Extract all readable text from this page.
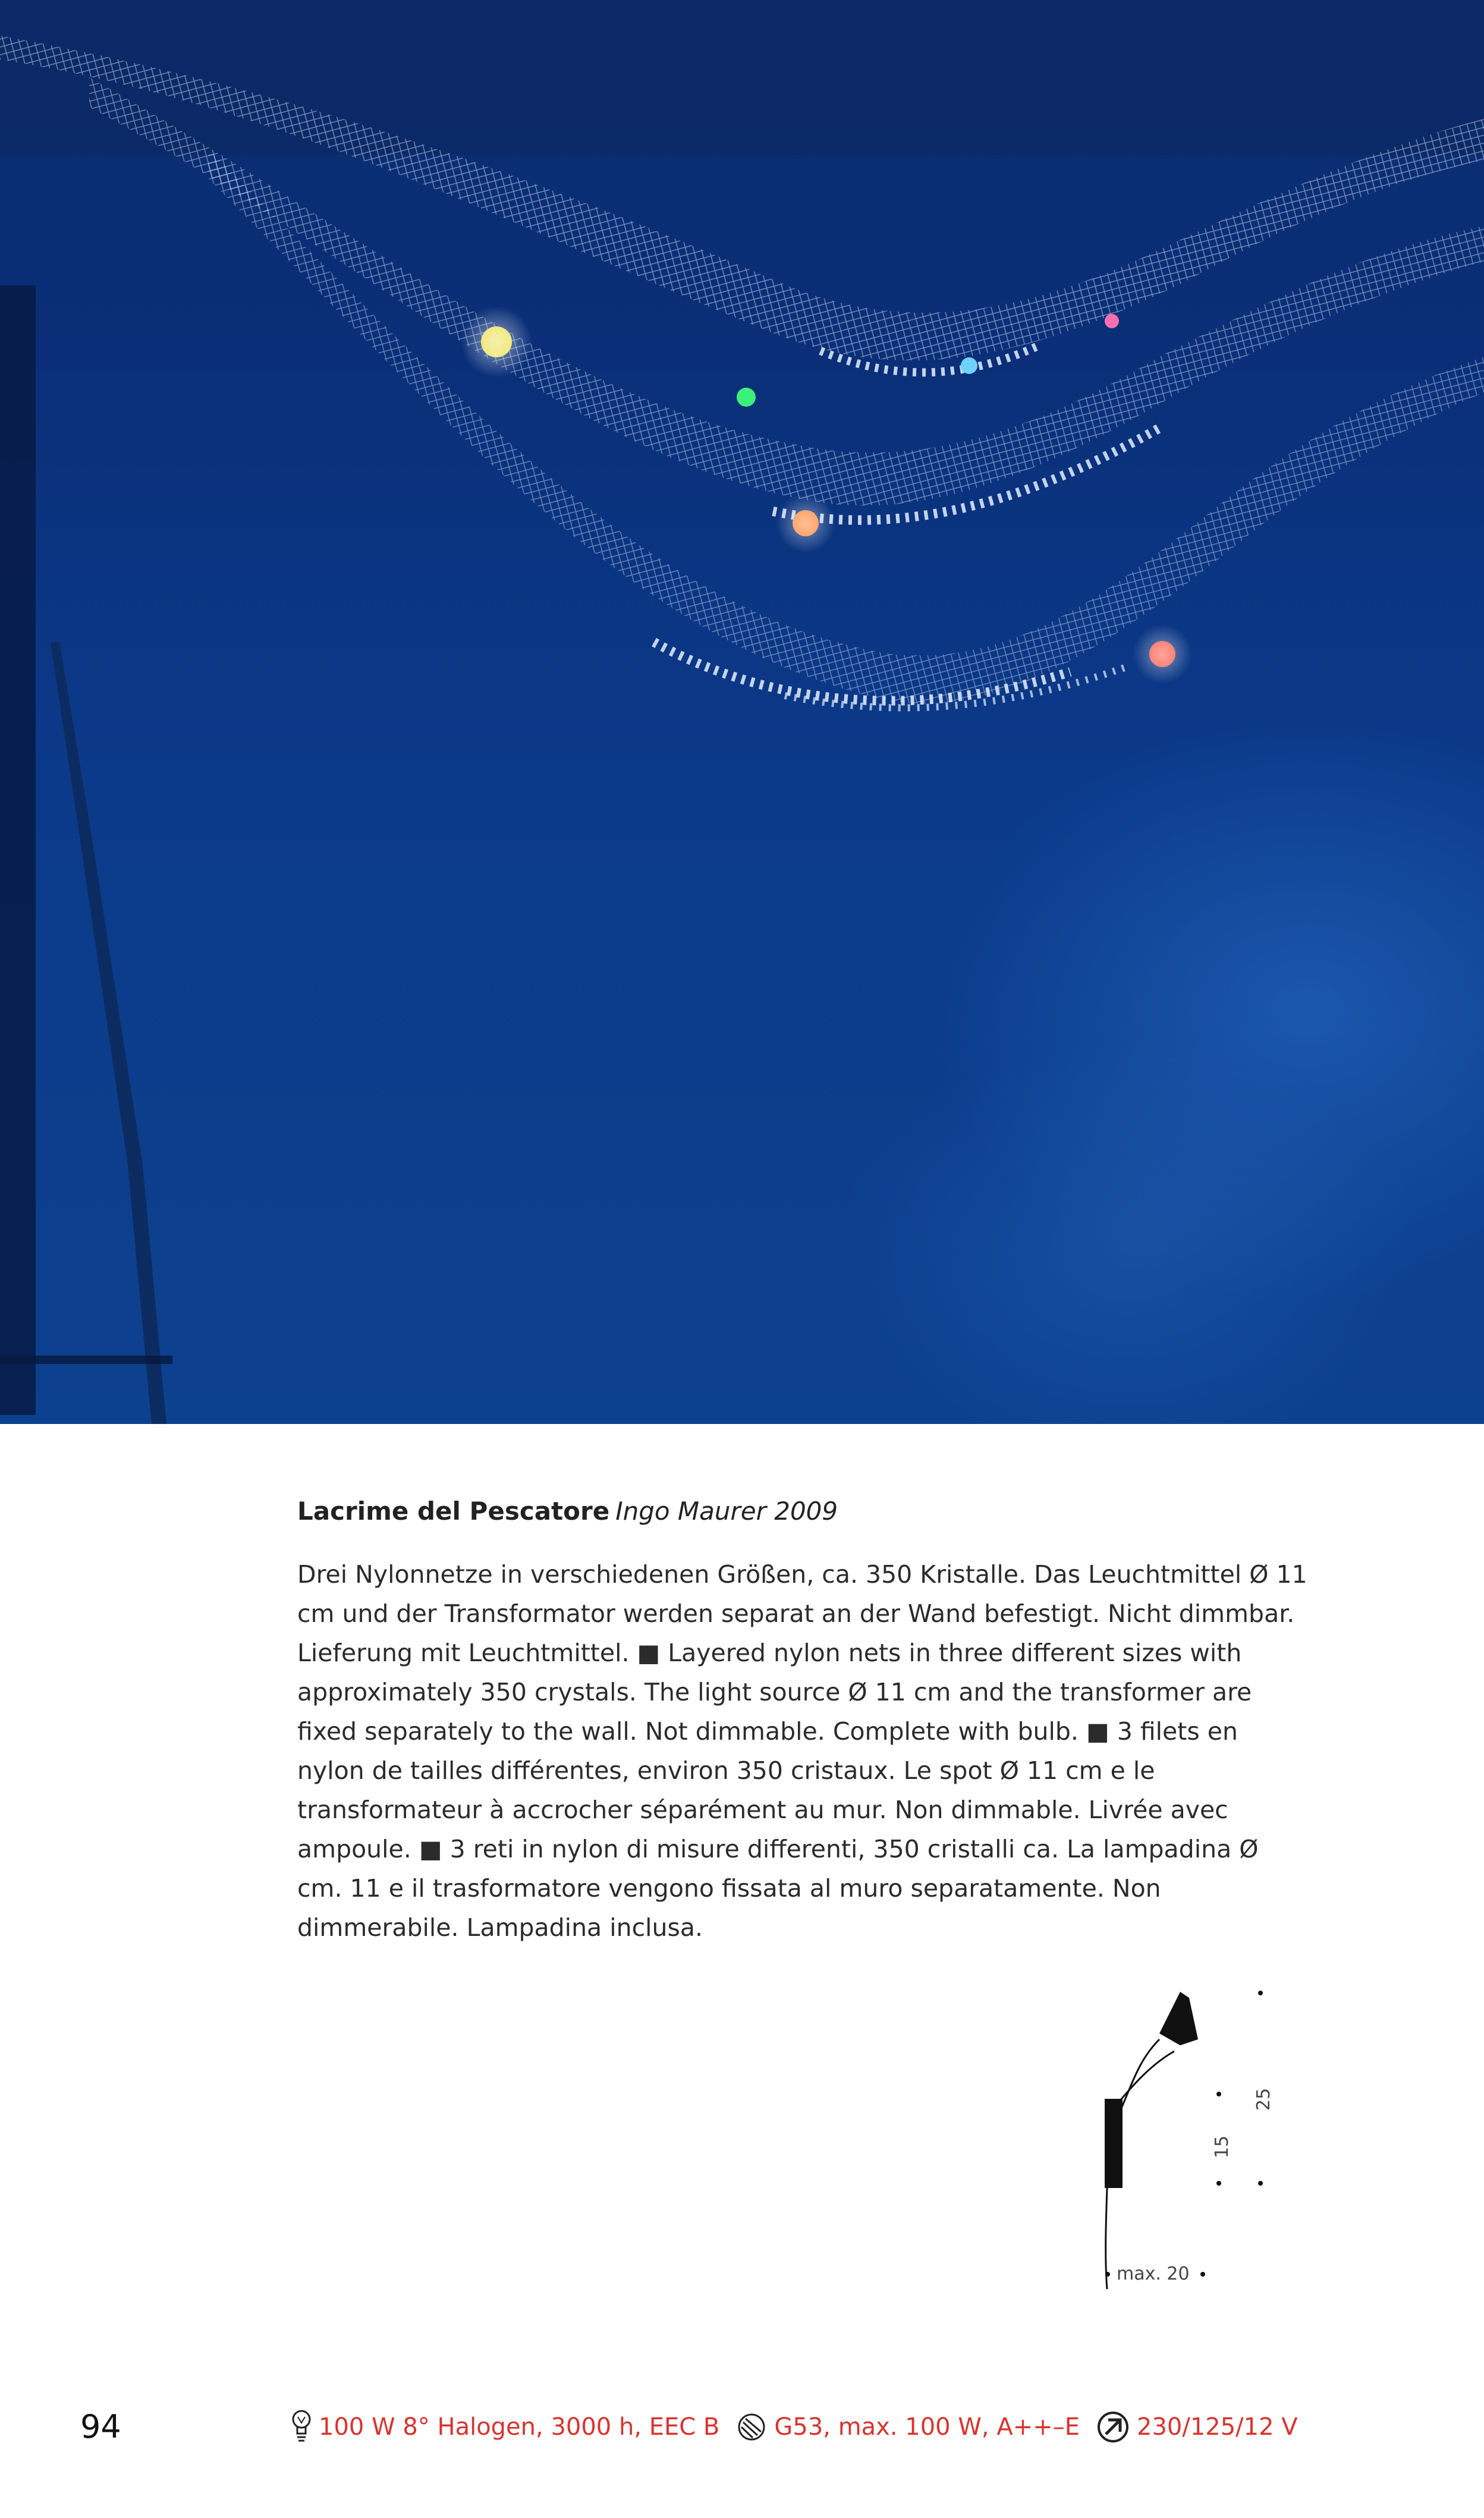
Lacrime del Pescatore Ingo Maurer 2009

Drei Nylonnetze in verschiedenen Größen, ca. 350 Kristalle. Das Leuchtmittel Ø 11 cm und der Transformator werden separat an der Wand befestigt. Nicht dimmbar. Lieferung mit Leuchtmittel. ■ Layered nylon nets in three different sizes with approximately 350 crystals. The light source Ø 11 cm and the transformer are fixed separately to the wall. Not dimmable. Complete with bulb. ■ 3 filets en nylon de tailles différentes, environ 350 cristaux. Le spot Ø 11 cm e le transformateur à accrocher séparément au mur. Non dimmable. Livrée avec ampoule. ■ 3 reti in nylon di misure differenti, 350 cristalli ca. La lampadina Ø cm. 11 e il trasformatore vengono fissata al muro separatamente. Non dimmerabile. Lampadina inclusa.

25
15
max. 20
94	100 W 8° Halogen, 3000 h, EEC B G53, max. 100 W, A++–E 230/125/12 V
